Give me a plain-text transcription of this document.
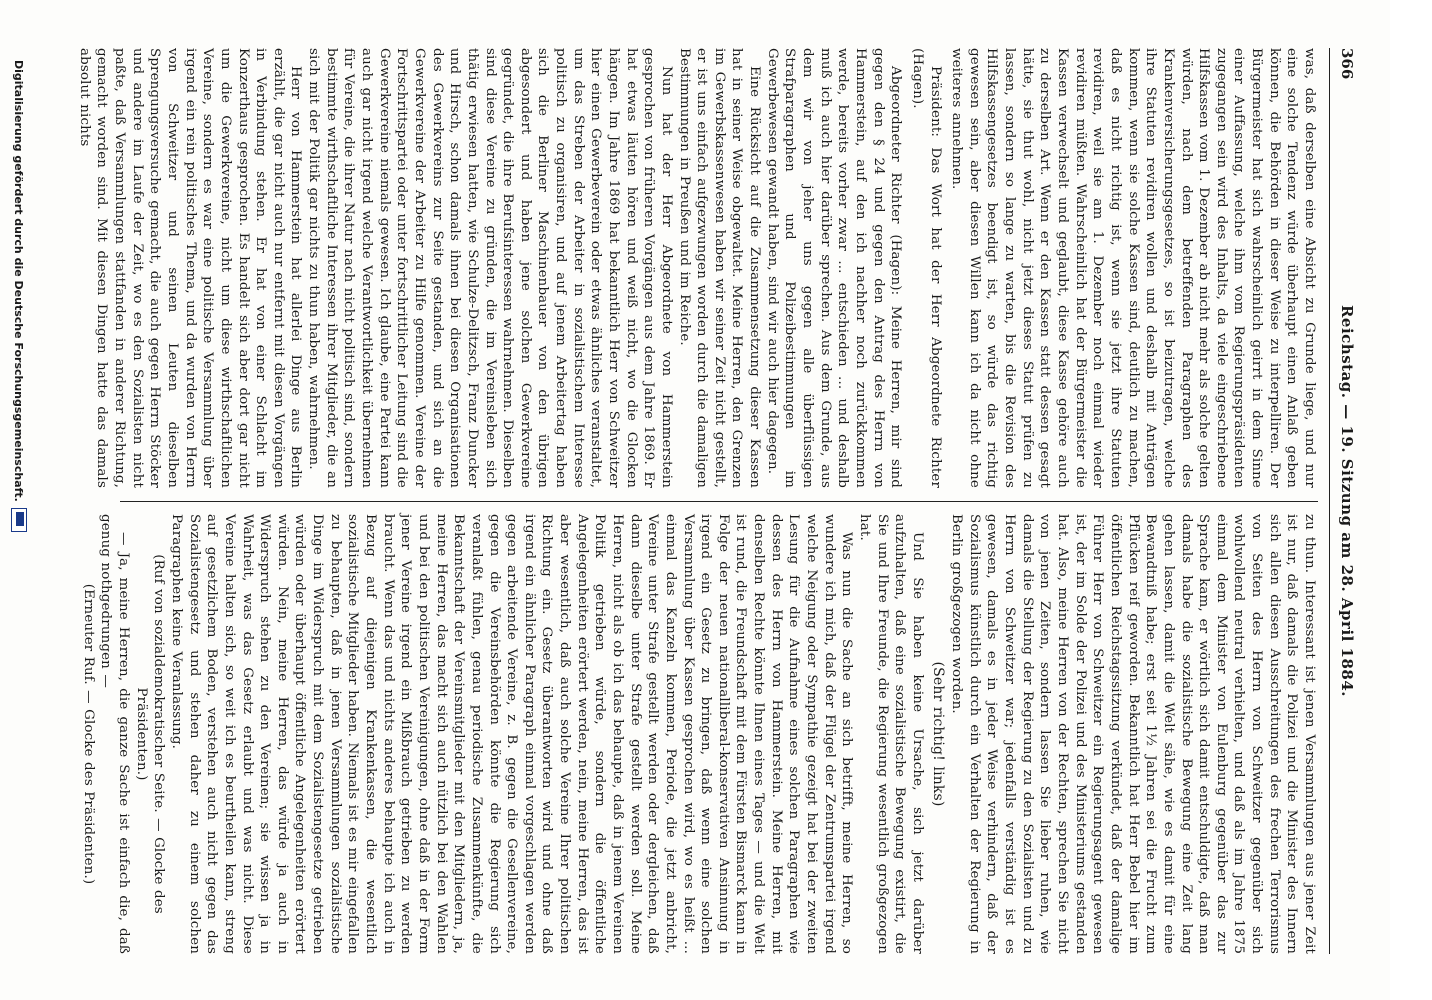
366
Reichstag. — 19. Sitzung am 28. April 1884.

was, daß derselben eine Absicht zu Grunde liege, und nur eine solche Tendenz würde überhaupt einen Anlaß geben können, die Behörden in dieser Weise zu interpelliren. Der Bürgermeister hat sich wahrscheinlich geirrt in dem Sinne einer Auffassung, welche ihm vom Regierungspräsidenten zugegangen sein wird des Inhalts, da viele eingeschriebene Hilfskassen vom 1. Dezember ab nicht mehr als solche gelten würden, nach dem betreffenden Paragraphen des Krankenversicherungsgesetzes, so ist beizutragen, welche ihre Statuten revidiren wollen und deshalb mit Anträgen kommen, wenn sie solche Kassen sind, deutlich zu machen, daß es nicht richtig ist, wenn sie jetzt ihre Statuten revidiren, weil sie am 1. Dezember noch einmal wieder revidiren müßten. Wahrscheinlich hat der Bürgermeister die Kassen verwechselt und geglaubt, diese Kasse gehöre auch zu derselben Art. Wenn er den Kassen statt dessen gesagt hätte, sie thut wohl, nicht jetzt dieses Statut prüfen zu lassen, sondern so lange zu warten, bis die Revision des Hilfskassengesetzes beendigt ist, so würde das richtig gewesen sein, aber diesen Willen kann ich da nicht ohne weiteres annehmen.

Präsident: Das Wort hat der Herr Abgeordnete Richter (Hagen).

Abgeordneter Richter (Hagen): Meine Herren, mir sind gegen den § 24 und gegen den Antrag des Herrn von Hammerstein, auf den ich nachher noch zurückkommen werde, bereits vorher zwar ... entschieden ... und deshalb muß ich auch hier darüber sprechen. Aus dem Grunde, aus dem wir von jeher uns gegen alle überflüssigen Strafparagraphen und Polizeibestimmungen im Gewerbewesen gewandt haben, sind wir auch hier dagegen.

Eine Rücksicht auf die Zusammensetzung dieser Kassen hat in seiner Weise obgewaltet. Meine Herren, den Grenzen im Gewerbskassenwesen haben wir seiner Zeit nicht gestellt, er ist uns einfach aufgezwungen worden durch die damaligen Bestimmungen in Preußen und im Reiche.

Nun hat der Herr Abgeordnete von Hammerstein gesprochen von früheren Vorgängen aus dem Jahre 1869. Er hat etwas läuten hören und weiß nicht, wo die Glocken hängen. Im Jahre 1869 hat bekanntlich Herr von Schweitzer hier einen Gewerbeverein oder etwas ähnliches veranstaltet, um das Streben der Arbeiter in sozialistischem Interesse politisch zu organisiren, und auf jenem Arbeitertag haben sich die Berliner Maschinenbauer von den übrigen abgesondert und haben jene solchen Gewerkvereine gegründet, die ihre Berufsinteressen wahrnehmen. Dieselben sind diese Vereine zu gründen, die im Vereinsleben sich thätig erwiesen hatten, wie Schulze-Delitzsch, Franz Duncker und Hirsch, schon damals ihnen bei diesen Organisationen des Gewerkvereins zur Seite gestanden, und sich an die Gewerkvereine der Arbeiter zu Hilfe genommen. Vereine der Fortschrittspartei oder unter fortschrittlicher Leitung sind die Gewerkvereine niemals gewesen. Ich glaube, eine Partei kann auch gar nicht irgend welche Verantwortlichkeit übernehmen für Vereine, die ihrer Natur nach nicht politisch sind, sondern bestimmte wirthschaftliche Interessen ihrer Mitglieder, die an sich mit der Politik gar nichts zu thun haben, wahrnehmen.

Herr von Hammerstein hat allerlei Dinge aus Berlin erzählt, die gar nicht auch nur entfernt mit diesen Vorgängen in Verbindung stehen. Er hat von einer Schlacht im Konzerthaus gesprochen. Es handelt sich aber dort gar nicht um die Gewerkvereine, nicht um diese wirthschaftlichen Vereine, sondern es war eine politische Versammlung über irgend ein rein politisches Thema, und da wurden von Herrn von Schweitzer und seinen Leuten dieselben Sprengungsversuche gemacht, die auch gegen Herrn Stöcker und andere im Laufe der Zeit, wo es den Sozialisten nicht paßte, daß Versammlungen stattfanden in anderer Richtung, gemacht worden sind. Mit diesen Dingen hatte das damals absolut nichts

zu thun. Interessant ist jenen Versammlungen aus jener Zeit ist nur, daß damals die Polizei und die Minister des Innern sich allen diesen Ausschreitungen des frechen Terrorismus von Seiten des Herrn von Schweitzer gegenüber sich wohlwollend neutral verhielten, und daß als im Jahre 1875 einmal dem Minister von Eulenburg gegenüber das zur Sprache kam, er wörtlich sich damit entschuldigte, daß man damals habe die sozialistische Bewegung eine Zeit lang gehen lassen, damit die Welt sähe, wie es damit für eine Bewandtniß habe; erst seit 1½ Jahren sei die Frucht zum Pflücken reif geworden. Bekanntlich hat Herr Bebel hier im öffentlichen Reichstagssitzung verkündet, daß der damalige Führer Herr von Schweitzer ein Regierungsagent gewesen ist, der im Solde der Polizei und des Ministeriums gestanden hat. Also, meine Herren von der Rechten, sprechen Sie nicht von jenen Zeiten, sondern lassen Sie lieber ruhen, wie damals die Stellung der Regierung zu den Sozialisten und zu Herrn von Schweitzer war; jedenfalls verständig ist es gewesen, damals es in jeder Weise verhindern, daß der Sozialismus künstlich durch ein Verhalten der Regierung in Berlin großgezogen worden.

(Sehr richtig! links)

Und Sie haben keine Ursache, sich jetzt darüber aufzuhalten, daß eine sozialistische Bewegung existirt, die Sie und Ihre Freunde, die Regierung wesentlich großgezogen hat.

Was nun die Sache an sich betrifft, meine Herren, so wundere ich mich, daß der Flügel der Zentrumspartei irgend welche Neigung oder Sympathie gezeigt hat bei der zweiten Lesung für die Aufnahme eines solchen Paragraphen wie dessen des Herrn von Hammerstein. Meine Herren, mit denselben Rechte könnte Ihnen eines Tages — und die Welt ist rund, die Freundschaft mit dem Fürsten Bismarck kann in Folge der neuen nationalliberal-konservativen Ansinnung in irgend ein Gesetz zu bringen, daß wenn eine solchen Versammlung über Kassen gesprochen wird, wo es heißt ... einmal das Kanzeln kommen, Periode, die jetzt anbricht, Vereine unter Strafe gestellt werden oder dergleichen, daß dann dieselbe unter Strafe gestellt werden soll. Meine Herren, nicht als ob ich das behaupte, daß in jenem Vereinen Politik getrieben würde, sondern die öffentliche Angelegenheiten erörtert werden, nein, meine Herren, das ist aber wesentlich, daß auch solche Vereine Ihrer politischen Richtung ein. Gesetz überantworten wird und ohne daß irgend ein ähnlicher Paragraph einmal vorgeschlagen werden gegen arbeitende Vereine, z. B. gegen die Gesellenvereine, gegen die Vereinsbehörden könnte die Regierung sich veranlaßt fühlen, genau periodische Zusammenkünfte, die Bekanntschaft der Vereinsmitglieder mit den Mitgliedern, ja, meine Herren, das macht sich auch nützlich bei den Wahlen und bei den politischen Vereinigungen, ohne daß in der Form jener Vereine irgend ein Mißbrauch getrieben zu werden braucht. Wenn das und nichts anderes behaupte ich auch in Bezug auf diejenigen Krankenkassen, die wesentlich sozialistische Mitglieder haben. Niemals ist es mir eingefallen zu behaupten, daß in jenen Versammlungen sozialistische Dinge im Widerspruch mit dem Sozialistengesetze getrieben würden oder überhaupt öffentliche Angelegenheiten erörtert würden. Nein, meine Herren, das würde ja auch in Widerspruch stehen zu den Vereinen; sie wissen ja in Wahrheit, was das Gesetz erlaubt und was nicht. Diese Vereine halten sich, so weit ich es beurtheilen kann, streng auf gesetzlichem Boden, verstehen auch nicht gegen das Sozialistengesetz und stehen daher zu einem solchen Paragraphen keine Veranlassung.

(Ruf von sozialdemokratischer Seite. — Glocke des Präsidenten.)

— Ja, meine Herren, die ganze Sache ist einfach die, daß genug nothgedrungen —

(Erneuter Ruf. — Glocke des Präsidenten.)

Digitalisierung gefördert durch die Deutsche Forschungsgemeinschaft.
